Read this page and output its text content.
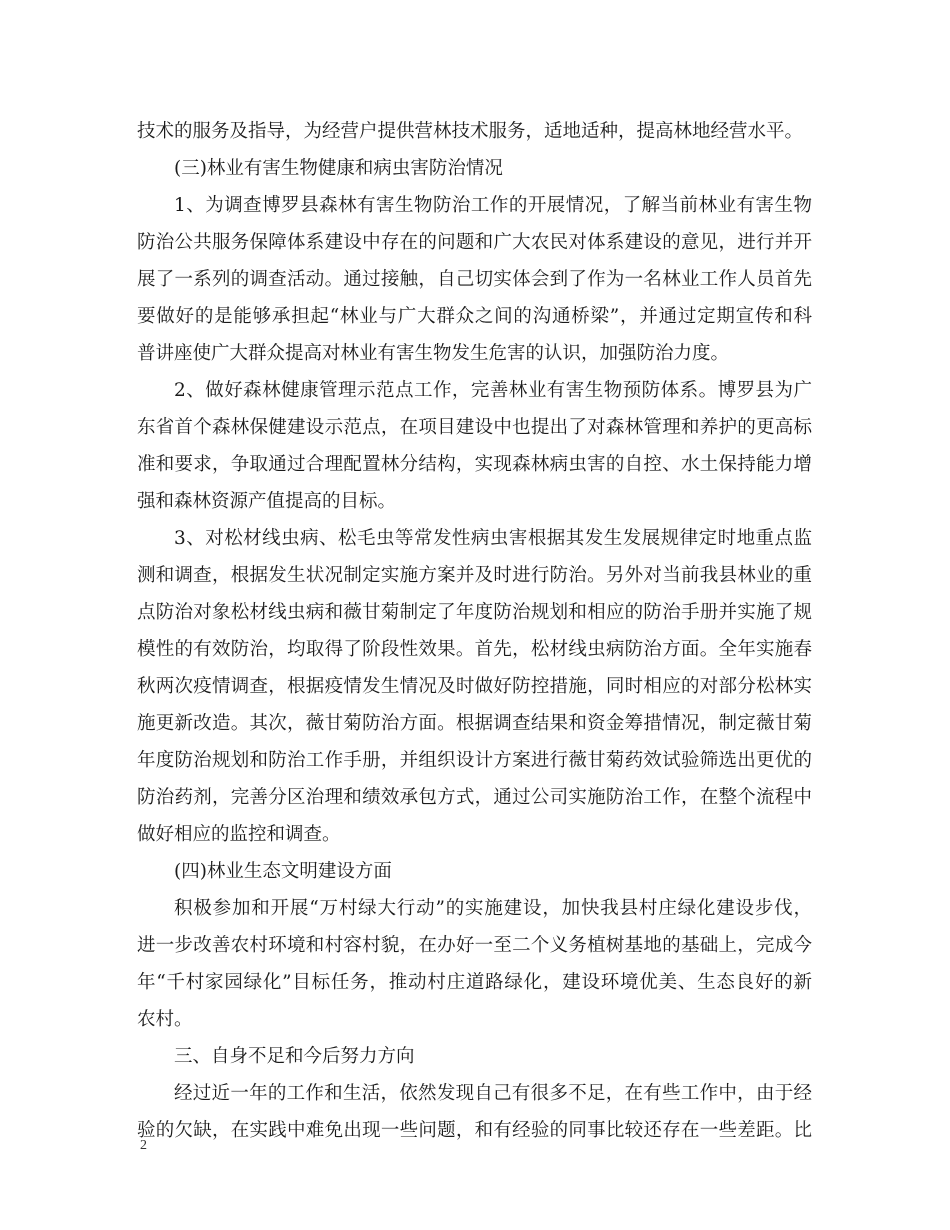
技术的服务及指导，为经营户提供营林技术服务，适地适种，提高林地经营水平。
(三)林业有害生物健康和病虫害防治情况
1、为调查博罗县森林有害生物防治工作的开展情况，了解当前林业有害生物
防治公共服务保障体系建设中存在的问题和广大农民对体系建设的意见，进行并开
展了一系列的调查活动。通过接触，自己切实体会到了作为一名林业工作人员首先
要做好的是能够承担起“林业与广大群众之间的沟通桥梁”，并通过定期宣传和科
普讲座使广大群众提高对林业有害生物发生危害的认识，加强防治力度。
2、做好森林健康管理示范点工作，完善林业有害生物预防体系。博罗县为广
东省首个森林保健建设示范点，在项目建设中也提出了对森林管理和养护的更高标
准和要求，争取通过合理配置林分结构，实现森林病虫害的自控、水土保持能力增
强和森林资源产值提高的目标。
3、对松材线虫病、松毛虫等常发性病虫害根据其发生发展规律定时地重点监
测和调查，根据发生状况制定实施方案并及时进行防治。另外对当前我县林业的重
点防治对象松材线虫病和薇甘菊制定了年度防治规划和相应的防治手册并实施了规
模性的有效防治，均取得了阶段性效果。首先，松材线虫病防治方面。全年实施春
秋两次疫情调查，根据疫情发生情况及时做好防控措施，同时相应的对部分松林实
施更新改造。其次，薇甘菊防治方面。根据调查结果和资金筹措情况，制定薇甘菊
年度防治规划和防治工作手册，并组织设计方案进行薇甘菊药效试验筛选出更优的
防治药剂，完善分区治理和绩效承包方式，通过公司实施防治工作，在整个流程中
做好相应的监控和调查。
(四)林业生态文明建设方面
积极参加和开展“万村绿大行动”的实施建设，加快我县村庄绿化建设步伐，
进一步改善农村环境和村容村貌，在办好一至二个义务植树基地的基础上，完成今
年“千村家园绿化”目标任务，推动村庄道路绿化，建设环境优美、生态良好的新
农村。
三、自身不足和今后努力方向
经过近一年的工作和生活，依然发现自己有很多不足，在有些工作中，由于经
验的欠缺，在实践中难免出现一些问题，和有经验的同事比较还存在一些差距。比
2
